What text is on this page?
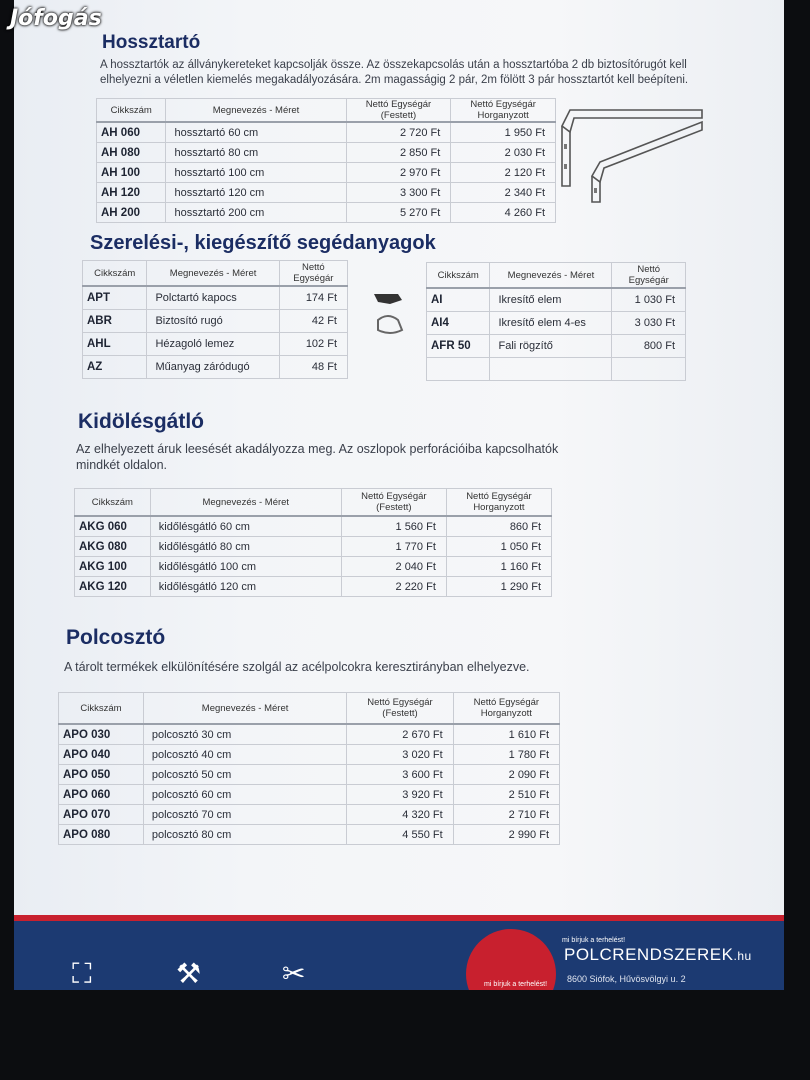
Jófogás
Hossztartó

A hossztartók az állványkereteket kapcsolják össze. Az összekapcsolás után a hossztartóba 2 db biztosítórugót kell elhelyezni a véletlen kiemelés megakadályozására. 2m magasságig 2 pár, 2m fölött 3 pár hossztartót kell beépíteni.

Cikkszám	Megnevezés - Méret	Nettó Egységár (Festett)	Nettó Egységár Horganyzott
AH 060	hossztartó 60 cm	2 720 Ft	1 950 Ft
AH 080	hossztartó 80 cm	2 850 Ft	2 030 Ft
AH 100	hossztartó 100 cm	2 970 Ft	2 120 Ft
AH 120	hossztartó 120 cm	3 300 Ft	2 340 Ft
AH 200	hossztartó 200 cm	5 270 Ft	4 260 Ft
Szerelési-, kiegészítő segédanyagok
Cikkszám	Megnevezés - Méret	Nettó Egységár
APT	Polctartó kapocs	174 Ft
ABR	Biztosító rugó	42 Ft
AHL	Hézagoló lemez	102 Ft
AZ	Műanyag záródugó	48 Ft
Cikkszám	Megnevezés - Méret	Nettó Egységár
AI	Ikresítő elem	1 030 Ft
AI4	Ikresítő elem 4-es	3 030 Ft
AFR 50	Fali rögzítő	800 Ft

Kidölésgátló

Az elhelyezett áruk leesését akadályozza meg. Az oszlopok perforációiba kapcsolhatók mindkét oldalon.

Cikkszám	Megnevezés - Méret	Nettó Egységár (Festett)	Nettó Egységár Horganyzott
AKG 060	kidőlésgátló 60 cm	1 560 Ft	860 Ft
AKG 080	kidőlésgátló 80 cm	1 770 Ft	1 050 Ft
AKG 100	kidőlésgátló 100 cm	2 040 Ft	1 160 Ft
AKG 120	kidőlésgátló 120 cm	2 220 Ft	1 290 Ft
Polcosztó

A tárolt termékek elkülönítésére szolgál az acélpolcokra keresztirányban elhelyezve.

Cikkszám	Megnevezés - Méret	Nettó Egységár (Festett)	Nettó Egységár Horganyzott
APO 030	polcosztó 30 cm	2 670 Ft	1 610 Ft
APO 040	polcosztó 40 cm	3 020 Ft	1 780 Ft
APO 050	polcosztó 50 cm	3 600 Ft	2 090 Ft
APO 060	polcosztó 60 cm	3 920 Ft	2 510 Ft
APO 070	polcosztó 70 cm	4 320 Ft	2 710 Ft
APO 080	polcosztó 80 cm	4 550 Ft	2 990 Ft
mi bírjuk a terhelést!
mi bírjuk a terhelést!
POLCRENDSZEREK.hu
8600 Siófok, Hűvösvölgyi u. 2
⛶	⚒	✂
